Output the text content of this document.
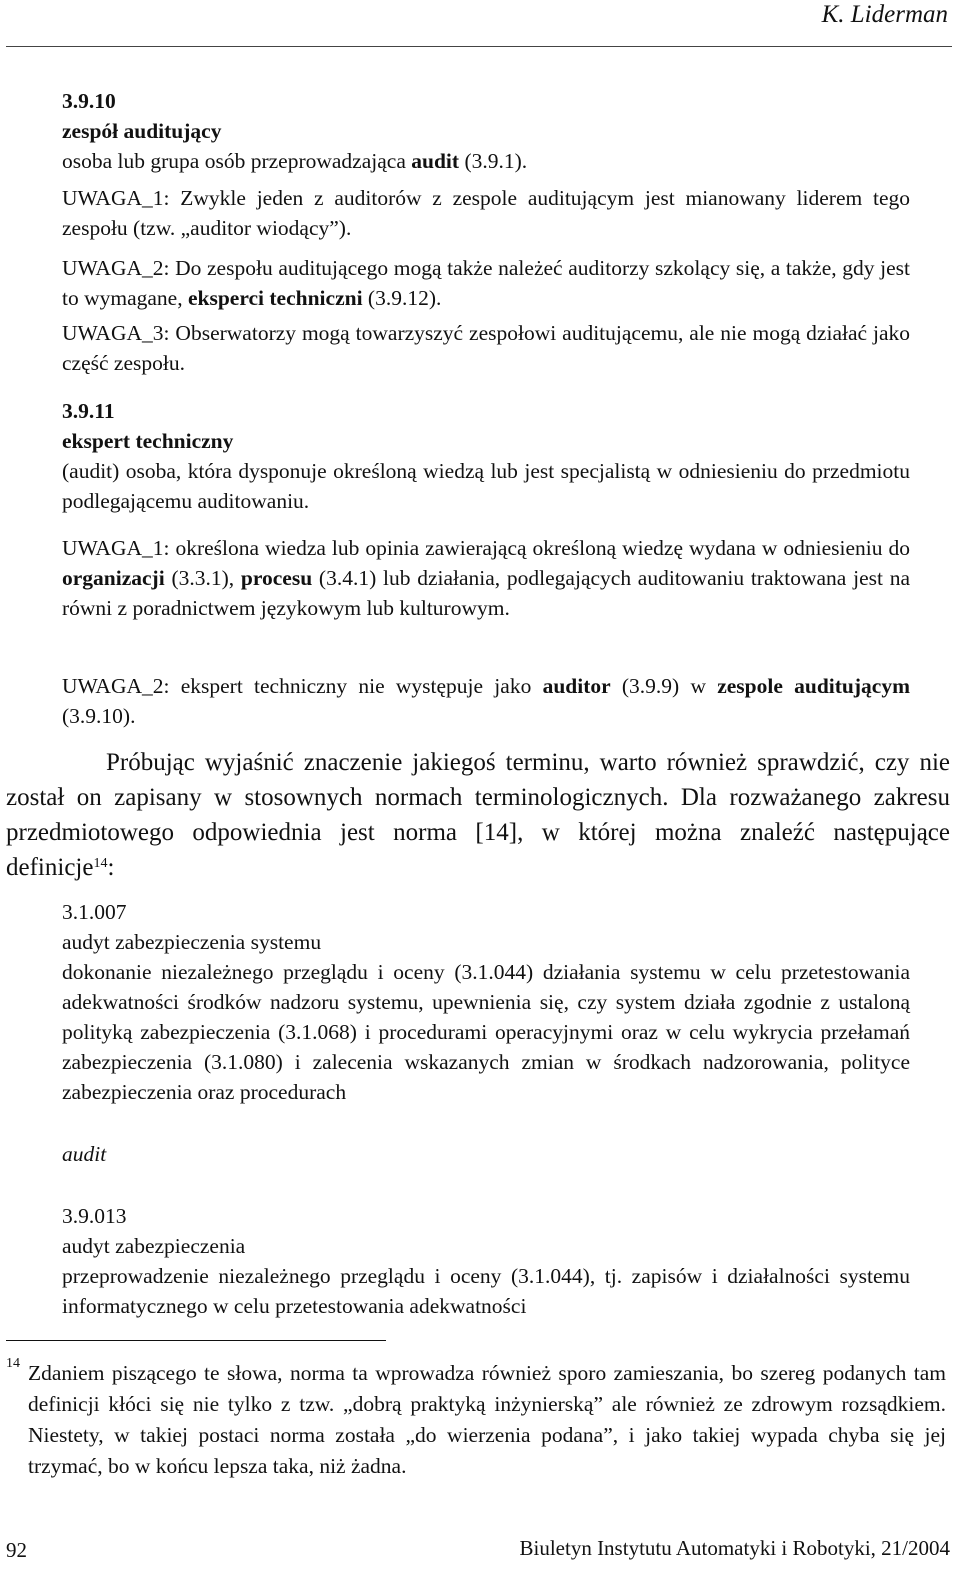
K. Liderman
3.9.10
zespół auditujący

osoba lub grupa osób przeprowadzająca audit (3.9.1).

UWAGA_1: Zwykle jeden z auditorów z zespole auditującym jest mianowany liderem tego zespołu (tzw. „auditor wiodący”).

UWAGA_2: Do zespołu auditującego mogą także należeć auditorzy szkolący się, a także, gdy jest to wymagane, eksperci techniczni (3.9.12).

UWAGA_3: Obserwatorzy mogą towarzyszyć zespołowi auditującemu, ale nie mogą działać jako część zespołu.

3.9.11
ekspert techniczny

(audit) osoba, która dysponuje określoną wiedzą lub jest specjalistą w odniesieniu do przedmiotu podlegającemu auditowaniu.

UWAGA_1: określona wiedza lub opinia zawierającą określoną wiedzę wydana w odniesieniu do organizacji (3.3.1), procesu (3.4.1) lub działania, podlegających auditowaniu traktowana jest na równi z poradnictwem językowym lub kulturowym.

UWAGA_2: ekspert techniczny nie występuje jako auditor (3.9.9) w zespole auditującym (3.9.10).

Próbując wyjaśnić znaczenie jakiegoś terminu, warto również sprawdzić, czy nie został on zapisany w stosownych normach terminologicznych. Dla rozważanego zakresu przedmiotowego odpowiednia jest norma [14], w której można znaleźć następujące definicje$^{14}$:

3.1.007
audyt zabezpieczenia systemu

dokonanie niezależnego przeglądu i oceny (3.1.044) działania systemu w celu przetestowania adekwatności środków nadzoru systemu, upewnienia się, czy system działa zgodnie z ustaloną polityką zabezpieczenia (3.1.068) i procedurami operacyjnymi oraz w celu wykrycia przełamań zabezpieczenia (3.1.080) i zalecenia wskazanych zmian w środkach nadzorowania, polityce zabezpieczenia oraz procedurach

audit
3.9.013
audyt zabezpieczenia

przeprowadzenie niezależnego przeglądu i oceny (3.1.044), tj. zapisów i działalności systemu informatycznego w celu przetestowania adekwatności

14 Zdaniem piszącego te słowa, norma ta wprowadza również sporo zamieszania, bo szereg podanych tam definicji kłóci się nie tylko z tzw. „dobrą praktyką inżynierską” ale również ze zdrowym rozsądkiem. Niestety, w takiej postaci norma została „do wierzenia podana”, i jako takiej wypada chyba się jej trzymać, bo w końcu lepsza taka, niż żadna.

92	Biuletyn Instytutu Automatyki i Robotyki, 21/2004
